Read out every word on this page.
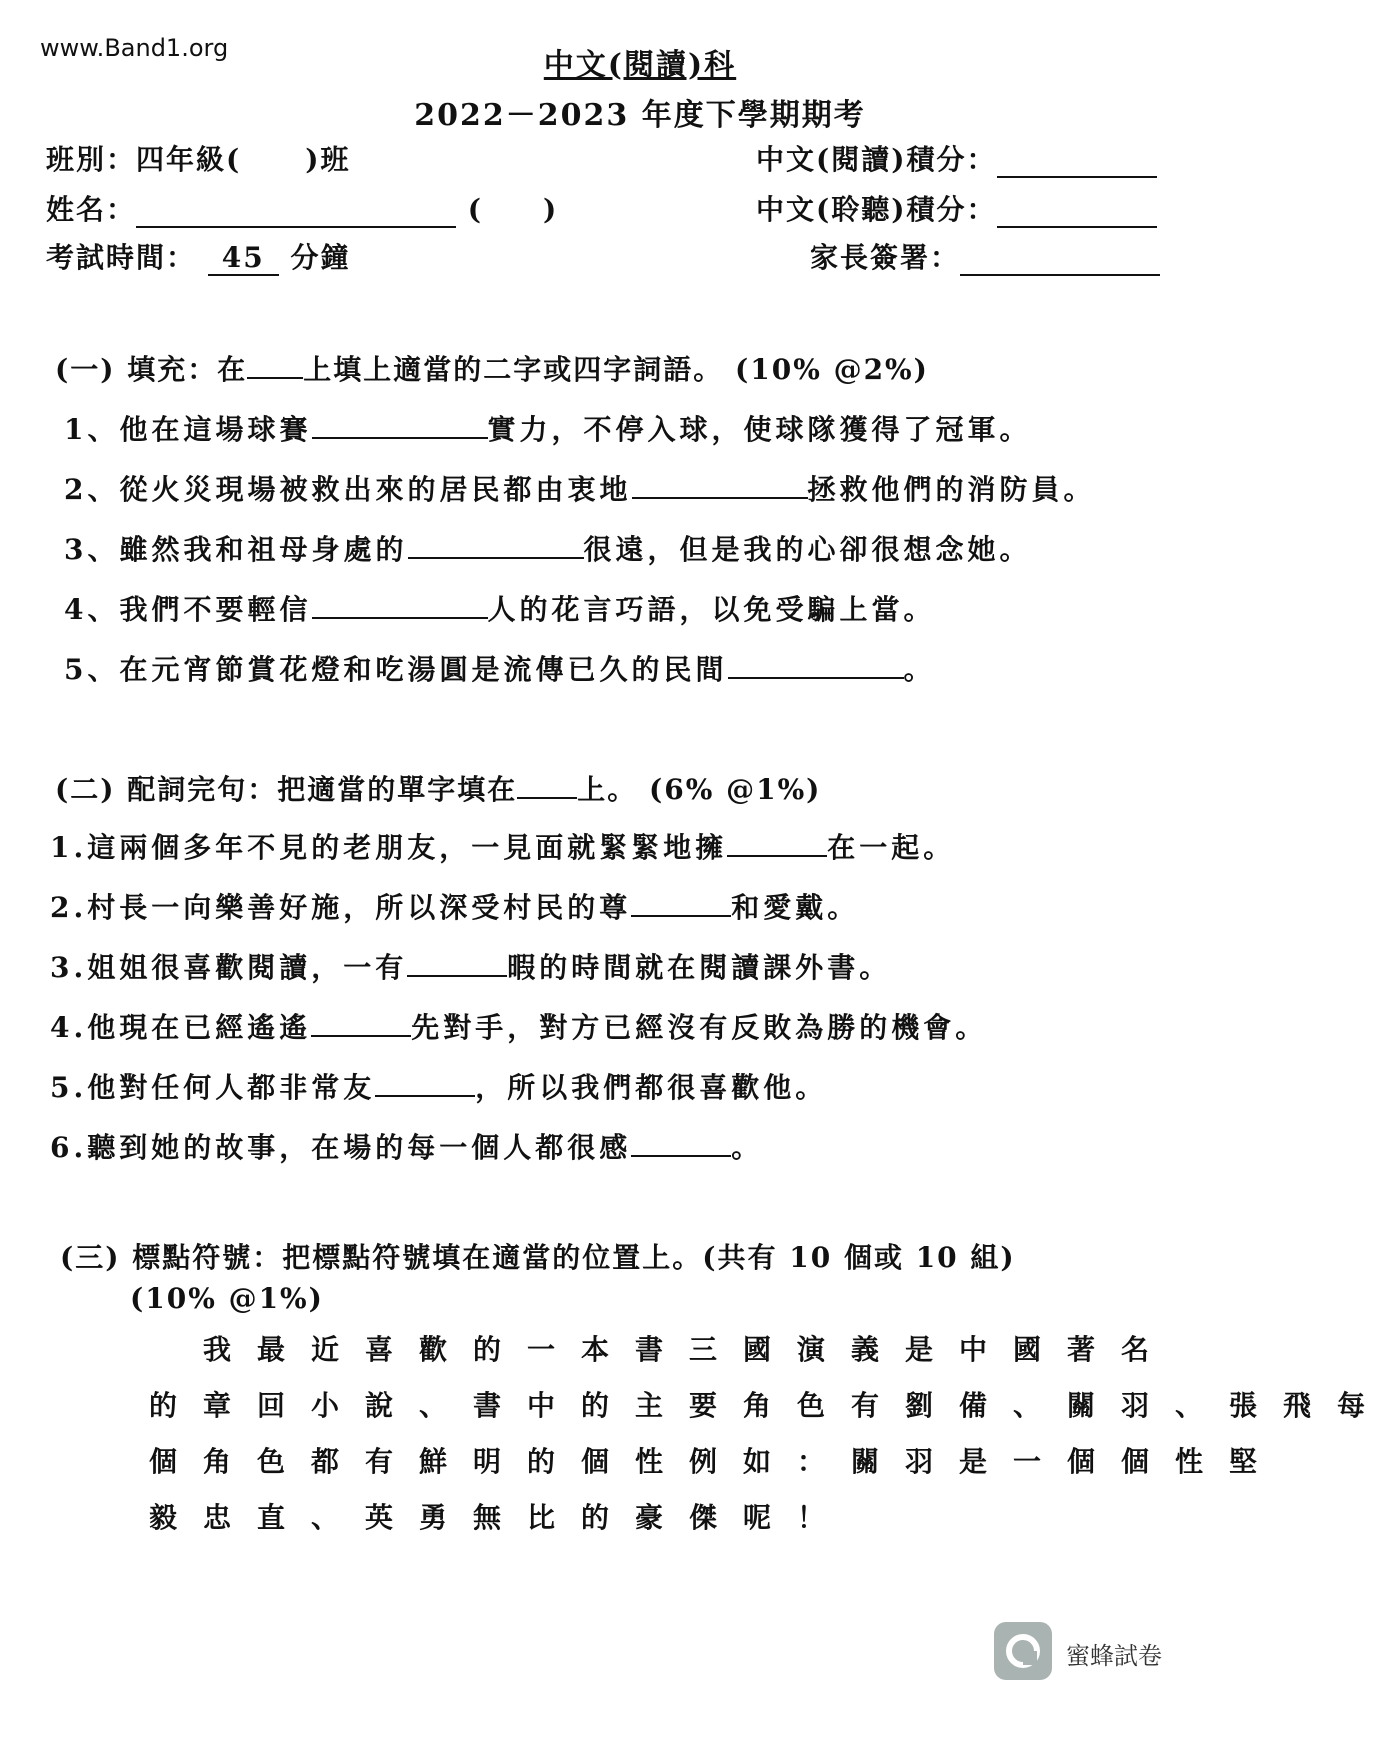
www.Band1.org	中文(閱讀)科
2022－2023 年度下學期期考
班別：四年級( )班
姓名：	(　　)
考試時間： 45 分鐘
中文(閱讀)積分：
中文(聆聽)積分：
家長簽署：
(一) 填充：在 上填上適當的二字或四字詞語。 (10% @2%)
1、他在這場球賽	實力，不停入球，使球隊獲得了冠軍。
2、從火災現場被救出來的居民都由衷地	拯救他們的消防員。
3、雖然我和祖母身處的	很遠，但是我的心卻很想念她。
4、我們不要輕信	人的花言巧語，以免受騙上當。
5、在元宵節賞花燈和吃湯圓是流傳已久的民間	。
(二) 配詞完句：把適當的單字填在 上。 (6% @1%)
1.這兩個多年不見的老朋友，一見面就緊緊地擁	在一起。
2.村長一向樂善好施，所以深受村民的尊	和愛戴。
3.姐姐很喜歡閱讀，一有	暇的時間就在閱讀課外書。
4.他現在已經遙遙	先對手，對方已經沒有反敗為勝的機會。
5.他對任何人都非常友	，所以我們都很喜歡他。
6.聽到她的故事，在場的每一個人都很感	。
(三) 標點符號：把標點符號填在適當的位置上。(共有 10 個或 10 組)
(10% @1%)

我 最 近 喜 歡 的 一 本 書 三 國 演 義 是 中 國 著 名
的 章 回 小 說 、 書 中 的 主 要 角 色 有 劉 備 、 關 羽 、 張 飛 每
個 角 色 都 有 鮮 明 的 個 性 例 如 ： 關 羽 是 一 個 個 性 堅
毅 忠 直 、 英 勇 無 比 的 豪 傑 呢 ！
蜜蜂試卷
